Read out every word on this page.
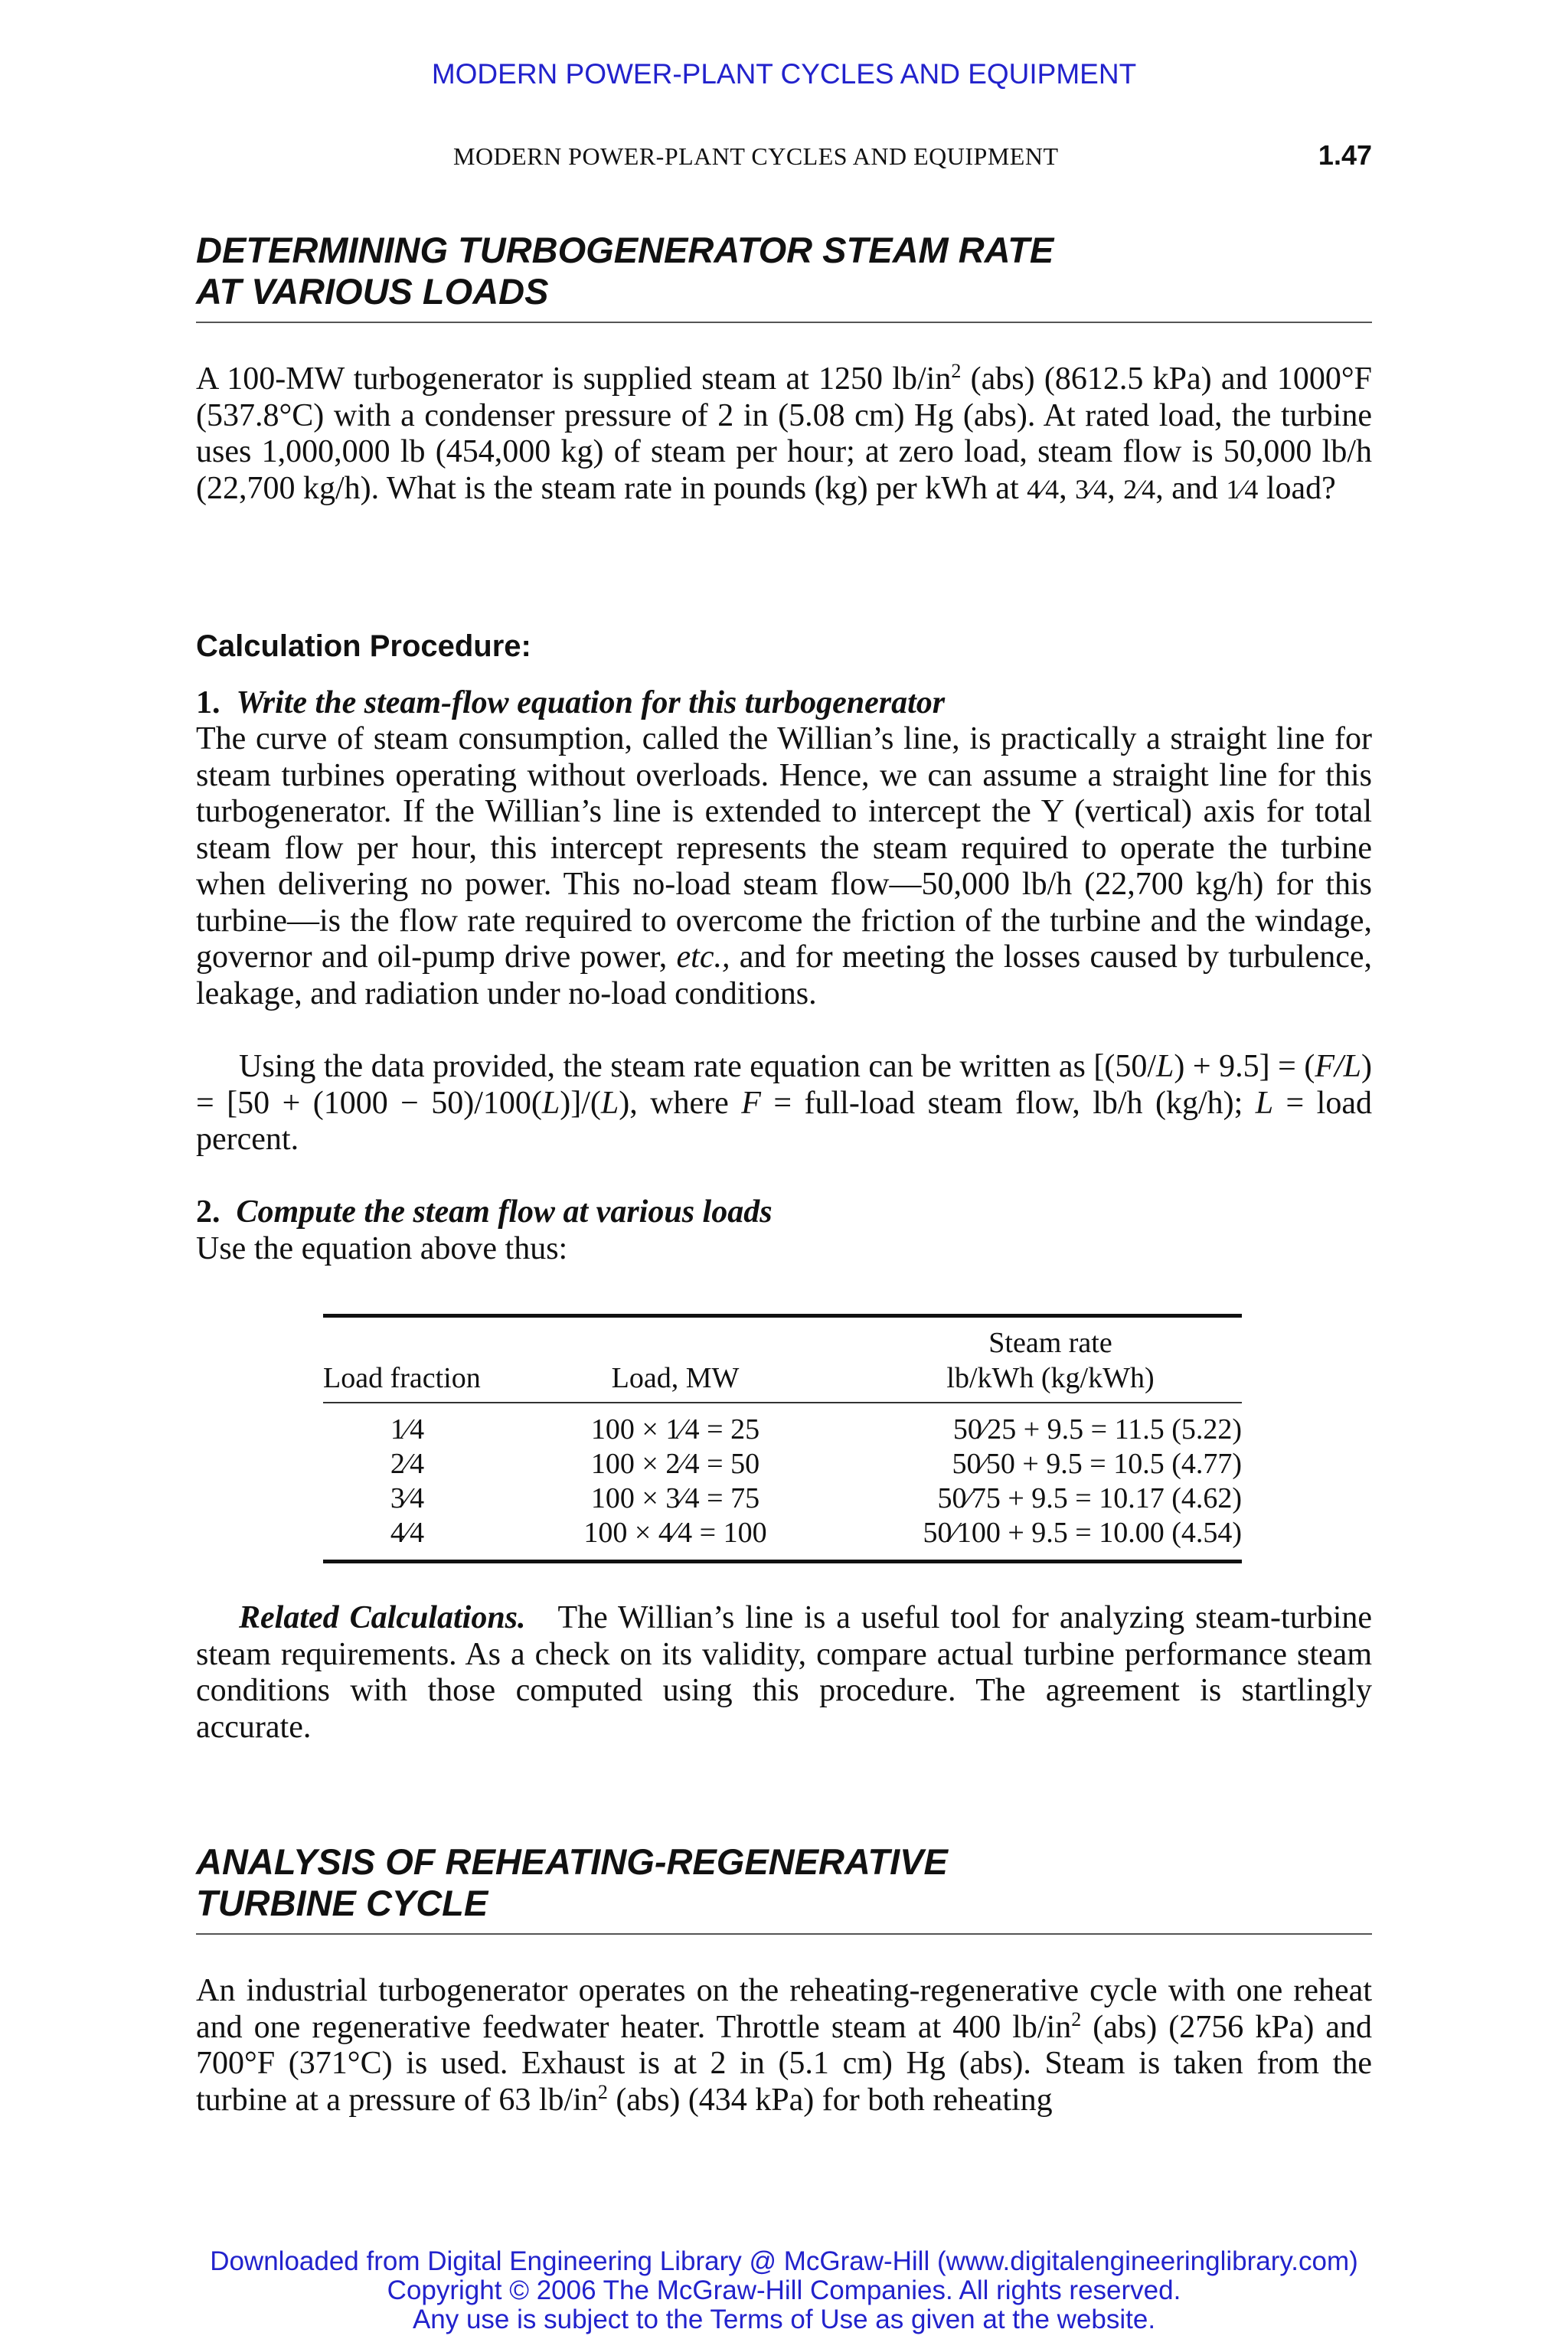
MODERN POWER-PLANT CYCLES AND EQUIPMENT
MODERN POWER-PLANT CYCLES AND EQUIPMENT	1.47
DETERMINING TURBOGENERATOR STEAM RATE
AT VARIOUS LOADS

A 100-MW turbogenerator is supplied steam at 1250 $lb/in^2$ (abs) (8612.5 kPa) and 1000°F (537.8°C) with a condenser pressure of 2 in (5.08 cm) Hg (abs). At rated load, the turbine uses 1,000,000 lb (454,000 kg) of steam per hour; at zero load, steam flow is 50,000 lb/h (22,700 kg/h). What is the steam rate in pounds (kg) per kWh at 4⁄4, 3⁄4, 2⁄4, and 1⁄4 load?

Calculation Procedure:
1. Write the steam-flow equation for this turbogenerator

The curve of steam consumption, called the Willian’s line, is practically a straight line for steam turbines operating without overloads. Hence, we can assume a straight line for this turbogenerator. If the Willian’s line is extended to intercept the Y (vertical) axis for total steam flow per hour, this intercept represents the steam required to operate the turbine when delivering no power. This no-load steam flow—50,000 lb/h (22,700 kg/h) for this turbine—is the flow rate required to overcome the friction of the turbine and the windage, governor and oil-pump drive power, etc., and for meeting the losses caused by turbulence, leakage, and radiation under no-load conditions.

Using the data provided, the steam rate equation can be written as [(50/L) + 9.5] = (F/L) = [50 + (1000 − 50)/100(L)]/(L), where F = full-load steam flow, lb/h (kg/h); L = load percent.

2. Compute the steam flow at various loads

Use the equation above thus:

Load fraction	Load, MW	Steam rate
lb/kWh (kg/kWh)

1⁄4	100 × 1⁄4 = 25	50⁄25 + 9.5 = 11.5 (5.22)
2⁄4	100 × 2⁄4 = 50	50⁄50 + 9.5 = 10.5 (4.77)
3⁄4	100 × 3⁄4 = 75	50⁄75 + 9.5 = 10.17 (4.62)
4⁄4	100 × 4⁄4 = 100	50⁄100 + 9.5 = 10.00 (4.54)

Related Calculations. The Willian’s line is a useful tool for analyzing steam-turbine steam requirements. As a check on its validity, compare actual turbine performance steam conditions with those computed using this procedure. The agreement is startlingly accurate.

ANALYSIS OF REHEATING-REGENERATIVE
TURBINE CYCLE

An industrial turbogenerator operates on the reheating-regenerative cycle with one reheat and one regenerative feedwater heater. Throttle steam at 400 $lb/in^2$ (abs) (2756 kPa) and 700°F (371°C) is used. Exhaust is at 2 in (5.1 cm) Hg (abs). Steam is taken from the turbine at a pressure of 63 $lb/in^2$ (abs) (434 kPa) for both reheating

Downloaded from Digital Engineering Library @ McGraw-Hill (www.digitalengineeringlibrary.com)
Copyright © 2006 The McGraw-Hill Companies. All rights reserved.
Any use is subject to the Terms of Use as given at the website.
